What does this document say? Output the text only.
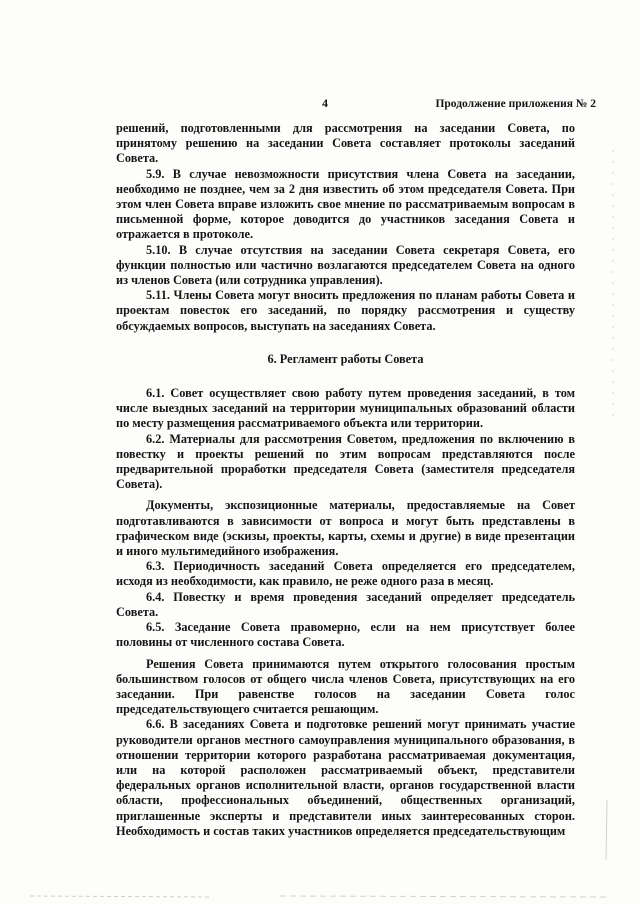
4	Продолжение приложения № 2

решений, подготовленными для рассмотрения на заседании Совета, по принятому решению на заседании Совета составляет протоколы заседаний Совета.

5.9. В случае невозможности присутствия члена Совета на заседании, необходимо не позднее, чем за 2 дня известить об этом председателя Совета. При этом член Совета вправе изложить свое мнение по рассматриваемым вопросам в письменной форме, которое доводится до участников заседания Совета и отражается в протоколе.

5.10. В случае отсутствия на заседании Совета секретаря Совета, его функции полностью или частично возлагаются председателем Совета на одного из членов Совета (или сотрудника управления).

5.11. Члены Совета могут вносить предложения по планам работы Совета и проектам повесток его заседаний, по порядку рассмотрения и существу обсуждаемых вопросов, выступать на заседаниях Совета.

6. Регламент работы Совета

6.1. Совет осуществляет свою работу путем проведения заседаний, в том числе выездных заседаний на территории муниципальных образований области по месту размещения рассматриваемого объекта или территории.

6.2. Материалы для рассмотрения Советом, предложения по включению в повестку и проекты решений по этим вопросам представляются после предварительной проработки председателя Совета (заместителя председателя Совета).

Документы, экспозиционные материалы, предоставляемые на Совет подготавливаются в зависимости от вопроса и могут быть представлены в графическом виде (эскизы, проекты, карты, схемы и другие) в виде презентации и иного мультимедийного изображения.

6.3. Периодичность заседаний Совета определяется его председателем, исходя из необходимости, как правило, не реже одного раза в месяц.

6.4. Повестку и время проведения заседаний определяет председатель Совета.

6.5. Заседание Совета правомерно, если на нем присутствует более половины от численного состава Совета.

Решения Совета принимаются путем открытого голосования простым большинством голосов от общего числа членов Совета, присутствующих на его заседании. При равенстве голосов на заседании Совета голос председательствующего считается решающим.

6.6. В заседаниях Совета и подготовке решений могут принимать участие руководители органов местного самоуправления муниципального образования, в отношении территории которого разработана рассматриваемая документация, или на которой расположен рассматриваемый объект, представители федеральных органов исполнительной власти, органов государственной власти области, профессиональных объединений, общественных организаций, приглашенные эксперты и представители иных заинтересованных сторон. Необходимость и состав таких участников определяется председательствующим
